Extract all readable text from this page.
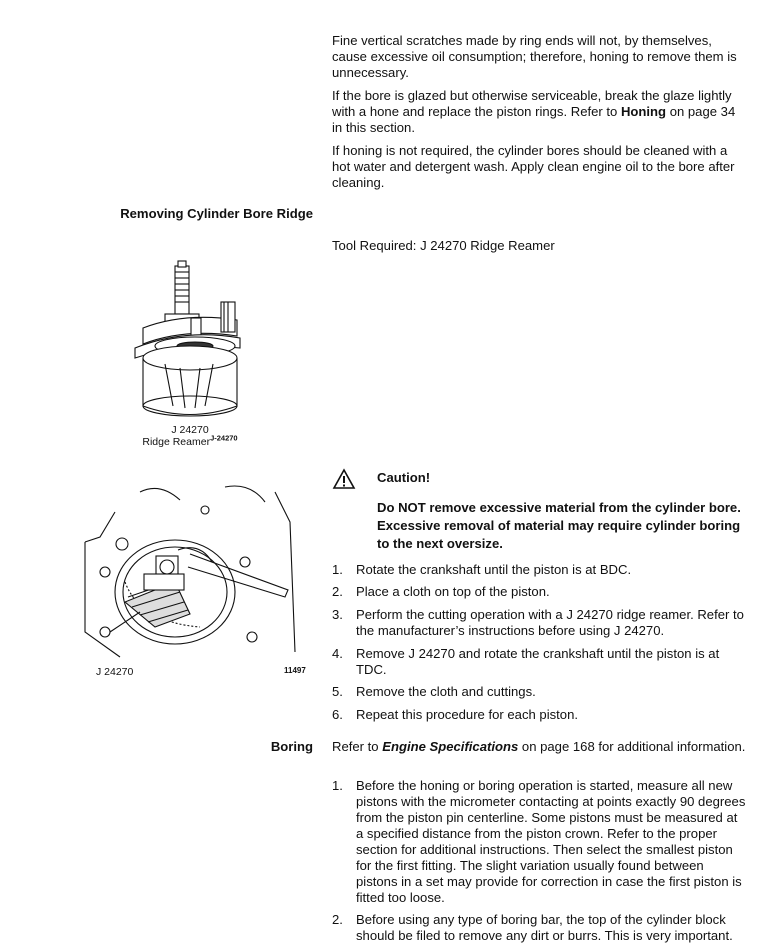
Fine vertical scratches made by ring ends will not, by themselves, cause excessive oil consumption; therefore, honing to remove them is unnecessary.

If the bore is glazed but otherwise serviceable, break the glaze lightly with a hone and replace the piston rings. Refer to Honing on page 34 in this section.

If honing is not required, the cylinder bores should be cleaned with a hot water and detergent wash. Apply clean engine oil to the bore after cleaning.

Removing Cylinder Bore Ridge

Tool Required: J 24270 Ridge Reamer

J 24270
Ridge Reamer$^{J-24270}$
J 24270	11497
Caution!

Do NOT remove excessive material from the cylinder bore. Excessive removal of material may require cylinder boring to the next oversize.

1. Rotate the crankshaft until the piston is at BDC.
2. Place a cloth on top of the piston.
3. Perform the cutting operation with a J 24270 ridge reamer. Refer to the manufacturer’s instructions before using J 24270.
4. Remove J 24270 and rotate the crankshaft until the piston is at TDC.
5. Remove the cloth and cuttings.
6. Repeat this procedure for each piston.
Boring Refer to Engine Specifications on page 168 for additional information.

1. Before the honing or boring operation is started, measure all new pistons with the micrometer contacting at points exactly 90 degrees from the piston pin centerline. Some pistons must be measured at a specified distance from the piston crown. Refer to the proper section for additional instructions. Then select the smallest piston for the first fitting. The slight variation usually found between pistons in a set may provide for correction in case the first piston is fitted too loose.
2. Before using any type of boring bar, the top of the cylinder block should be filed to remove any dirt or burrs. This is very important.
